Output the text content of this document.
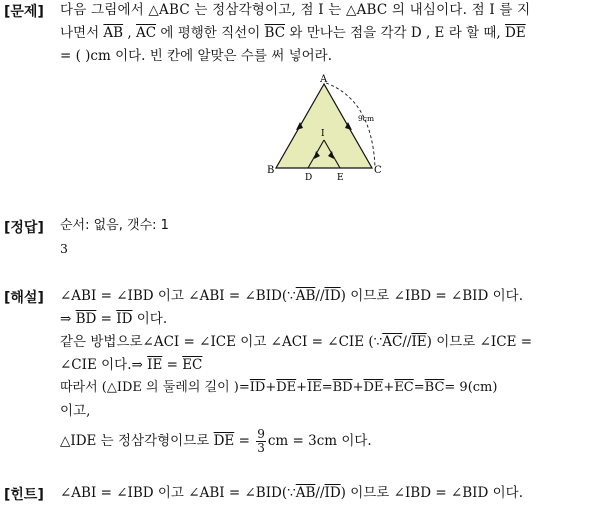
[문제] 다음 그림에서 △ABC 는 정삼각형이고, 점 I 는 △ABC 의 내심이다. 점 I 를 지
나면서 $\overline{AB}$ , $\overline{AC}$ 에 평행한 직선이 $\overline{BC}$ 와 만나는 점을 각각 D , E 라 할 때, $\overline{DE}$
= ( )cm 이다. 빈 칸에 알맞은 수를 써 넣어라.
A
B	C
D	E
I
9cm
[정답] 순서: 없음, 갯수: 1
3
[해설] ∠ABI = ∠IBD 이고 ∠ABI = $\angle BID(\because\overline{AB}//\overline{ID})$ 이므로 ∠IBD = ∠BID 이다.
⇒ $\overline{BD} = \overline{ID}$ 이다.
같은 방법으로∠ACI = ∠ICE 이고 ∠ACI = ∠CIE $(\because\overline{AC}//\overline{IE})$ 이므로 ∠ICE =
∠CIE 이다.⇒ $\overline{IE} = \overline{EC}$
따라서 (△IDE 의 둘레의 길이 )$=\overline{ID}+\overline{DE}+\overline{IE}=\overline{BD}+\overline{DE}+\overline{EC}=\overline{BC}= 9(cm)$
이고,
△IDE 는 정삼각형이므로 $\overline{DE} = \frac{9}{3}$ cm = 3cm 이다.
[힌트] ∠ABI = ∠IBD 이고 ∠ABI = $\angle BID(\because\overline{AB}//\overline{ID})$ 이므로 ∠IBD = ∠BID 이다.
